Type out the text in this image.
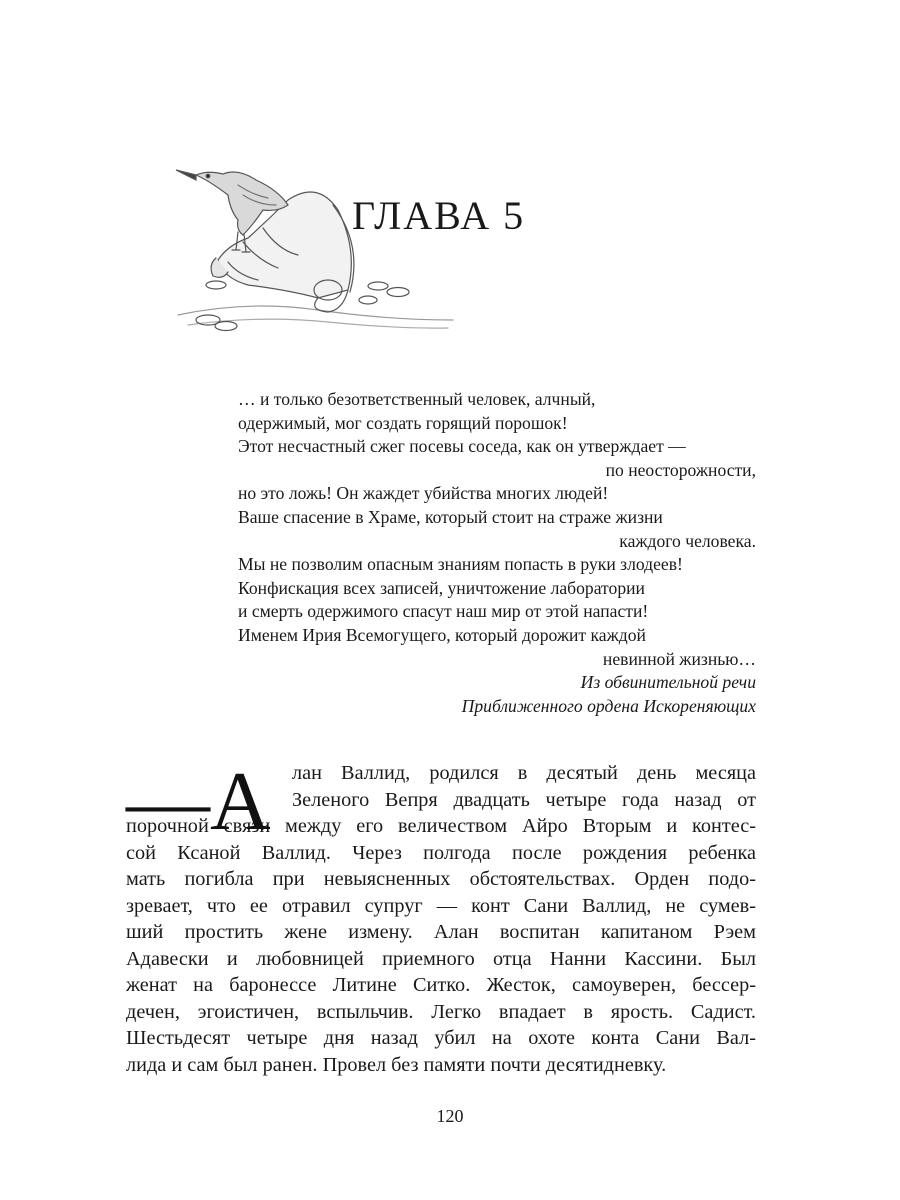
ГЛАВА 5
… и только безответственный человек, алчный,
одержимый, мог создать горящий порошок!
Этот несчастный сжег посевы соседа, как он утверждает —
по неосторожности,
но это ложь! Он жаждет убийства многих людей!
Ваше спасение в Храме, который стоит на страже жизни
каждого человека.
Мы не позволим опасным знаниям попасть в руки злодеев!
Конфискация всех записей, уничтожение лаборатории
и смерть одержимого спасут наш мир от этой напасти!
Именем Ирия Всемогущего, который дорожит каждой
невинной жизнью…
Из обвинительной речи
Приближенного ордена Искореняющих
—А лан Валлид, родился в десятый день месяца
Зеленого Вепря двадцать четыре года назад от
порочной связи между его величеством Айро Вторым и контес-
сой Ксаной Валлид. Через полгода после рождения ребенка
мать погибла при невыясненных обстоятельствах. Орден подо-
зревает, что ее отравил супруг — конт Сани Валлид, не сумев-
ший простить жене измену. Алан воспитан капитаном Рэем
Адавески и любовницей приемного отца Нанни Кассини. Был
женат на баронессе Литине Ситко. Жесток, самоуверен, бессер-
дечен, эгоистичен, вспыльчив. Легко впадает в ярость. Садист.
Шестьдесят четыре дня назад убил на охоте конта Сани Вал-
лида и сам был ранен. Провел без памяти почти десятидневку.
120
